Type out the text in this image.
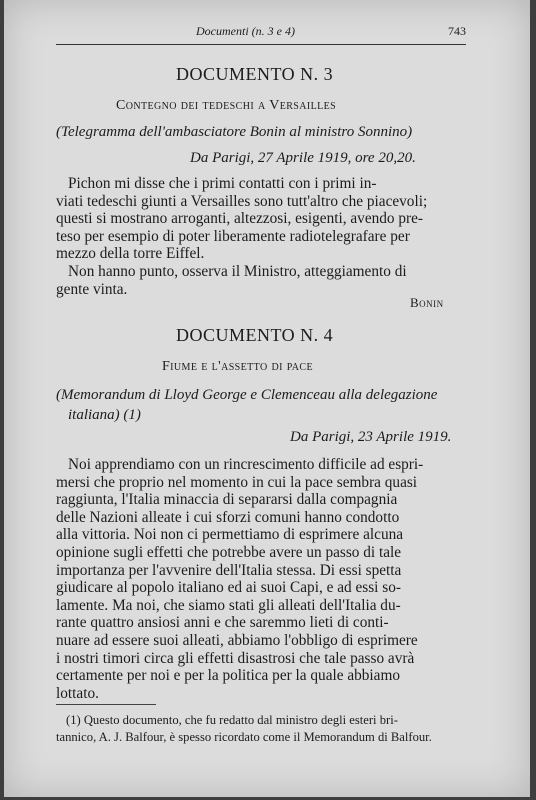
Documenti (n. 3 e 4)	743
DOCUMENTO N. 3
Contegno dei tedeschi a Versailles
(Telegramma dell'ambasciatore Bonin al ministro Sonnino)
Da Parigi, 27 Aprile 1919, ore 20,20.
Pichon mi disse che i primi contatti con i primi in-
viati tedeschi giunti a Versailles sono tutt'altro che piacevoli;
questi si mostrano arroganti, altezzosi, esigenti, avendo pre-
teso per esempio di poter liberamente radiotelegrafare per
mezzo della torre Eiffel.
Non hanno punto, osserva il Ministro, atteggiamento di
gente vinta.
Bonin
DOCUMENTO N. 4
Fiume e l'assetto di pace
(Memorandum di Lloyd George e Clemenceau alla delegazione
italiana) (1)
Da Parigi, 23 Aprile 1919.
Noi apprendiamo con un rincrescimento difficile ad espri-
mersi che proprio nel momento in cui la pace sembra quasi
raggiunta, l'Italia minaccia di separarsi dalla compagnia
delle Nazioni alleate i cui sforzi comuni hanno condotto
alla vittoria. Noi non ci permettiamo di esprimere alcuna
opinione sugli effetti che potrebbe avere un passo di tale
importanza per l'avvenire dell'Italia stessa. Di essi spetta
giudicare al popolo italiano ed ai suoi Capi, e ad essi so-
lamente. Ma noi, che siamo stati gli alleati dell'Italia du-
rante quattro ansiosi anni e che saremmo lieti di conti-
nuare ad essere suoi alleati, abbiamo l'obbligo di esprimere
i nostri timori circa gli effetti disastrosi che tale passo avrà
certamente per noi e per la politica per la quale abbiamo
lottato.
(1) Questo documento, che fu redatto dal ministro degli esteri bri-
tannico, A. J. Balfour, è spesso ricordato come il Memorandum di Balfour.
